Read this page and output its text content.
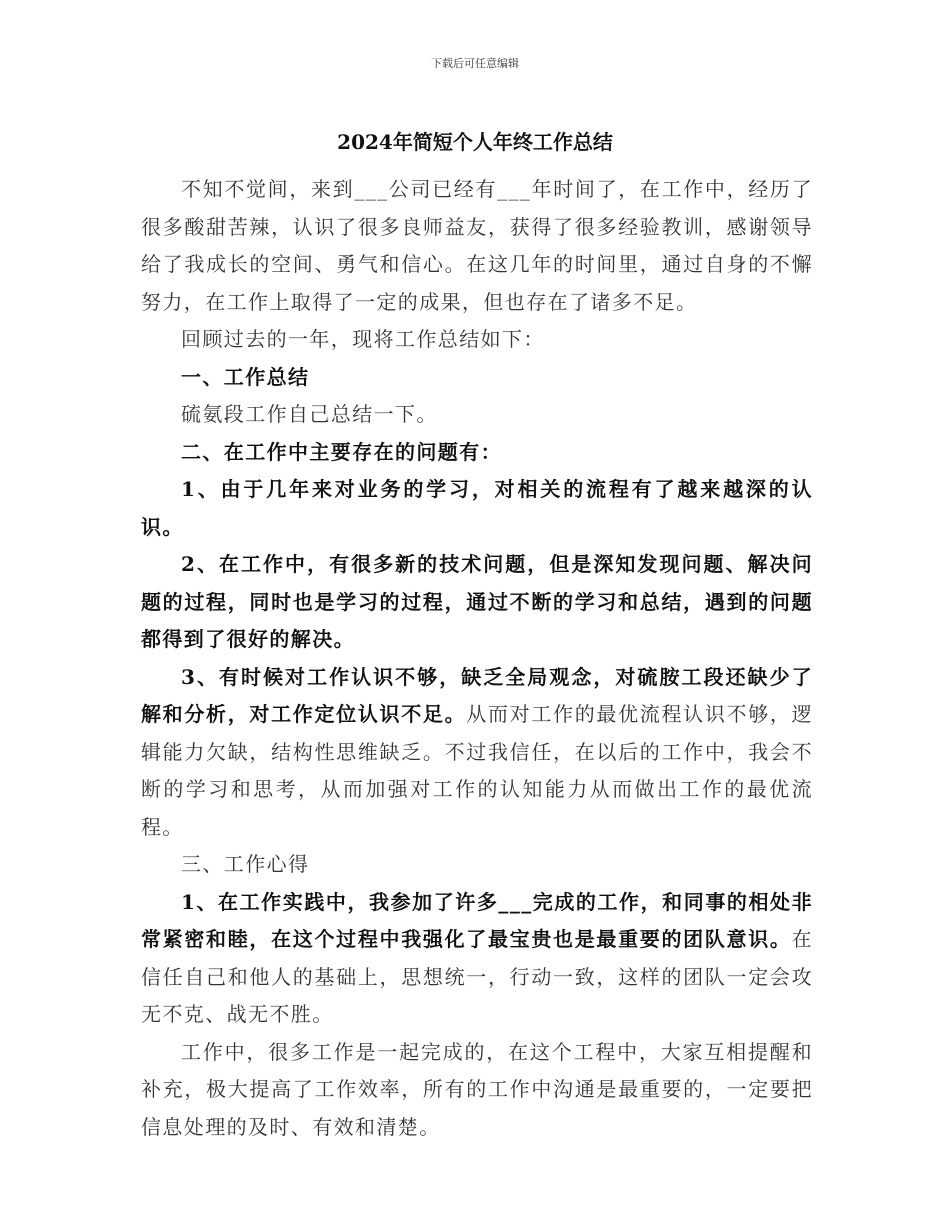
下载后可任意编辑
2024年简短个人年终工作总结

不知不觉间，来到___公司已经有___年时间了，在工作中，经历了很多酸甜苦辣，认识了很多良师益友，获得了很多经验教训，感谢领导给了我成长的空间、勇气和信心。在这几年的时间里，通过自身的不懈努力，在工作上取得了一定的成果，但也存在了诸多不足。

回顾过去的一年，现将工作总结如下：

一、工作总结

硫氨段工作自己总结一下。

二、在工作中主要存在的问题有：

1、由于几年来对业务的学习，对相关的流程有了越来越深的认识。

2、在工作中，有很多新的技术问题，但是深知发现问题、解决问题的过程，同时也是学习的过程，通过不断的学习和总结，遇到的问题都得到了很好的解决。

3、有时候对工作认识不够，缺乏全局观念，对硫胺工段还缺少了解和分析，对工作定位认识不足。从而对工作的最优流程认识不够，逻辑能力欠缺，结构性思维缺乏。不过我信任，在以后的工作中，我会不断的学习和思考，从而加强对工作的认知能力从而做出工作的最优流程。

三、工作心得

1、在工作实践中，我参加了许多___完成的工作，和同事的相处非常紧密和睦，在这个过程中我强化了最宝贵也是最重要的团队意识。在信任自己和他人的基础上，思想统一，行动一致，这样的团队一定会攻无不克、战无不胜。

工作中，很多工作是一起完成的，在这个工程中，大家互相提醒和补充，极大提高了工作效率，所有的工作中沟通是最重要的，一定要把信息处理的及时、有效和清楚。
